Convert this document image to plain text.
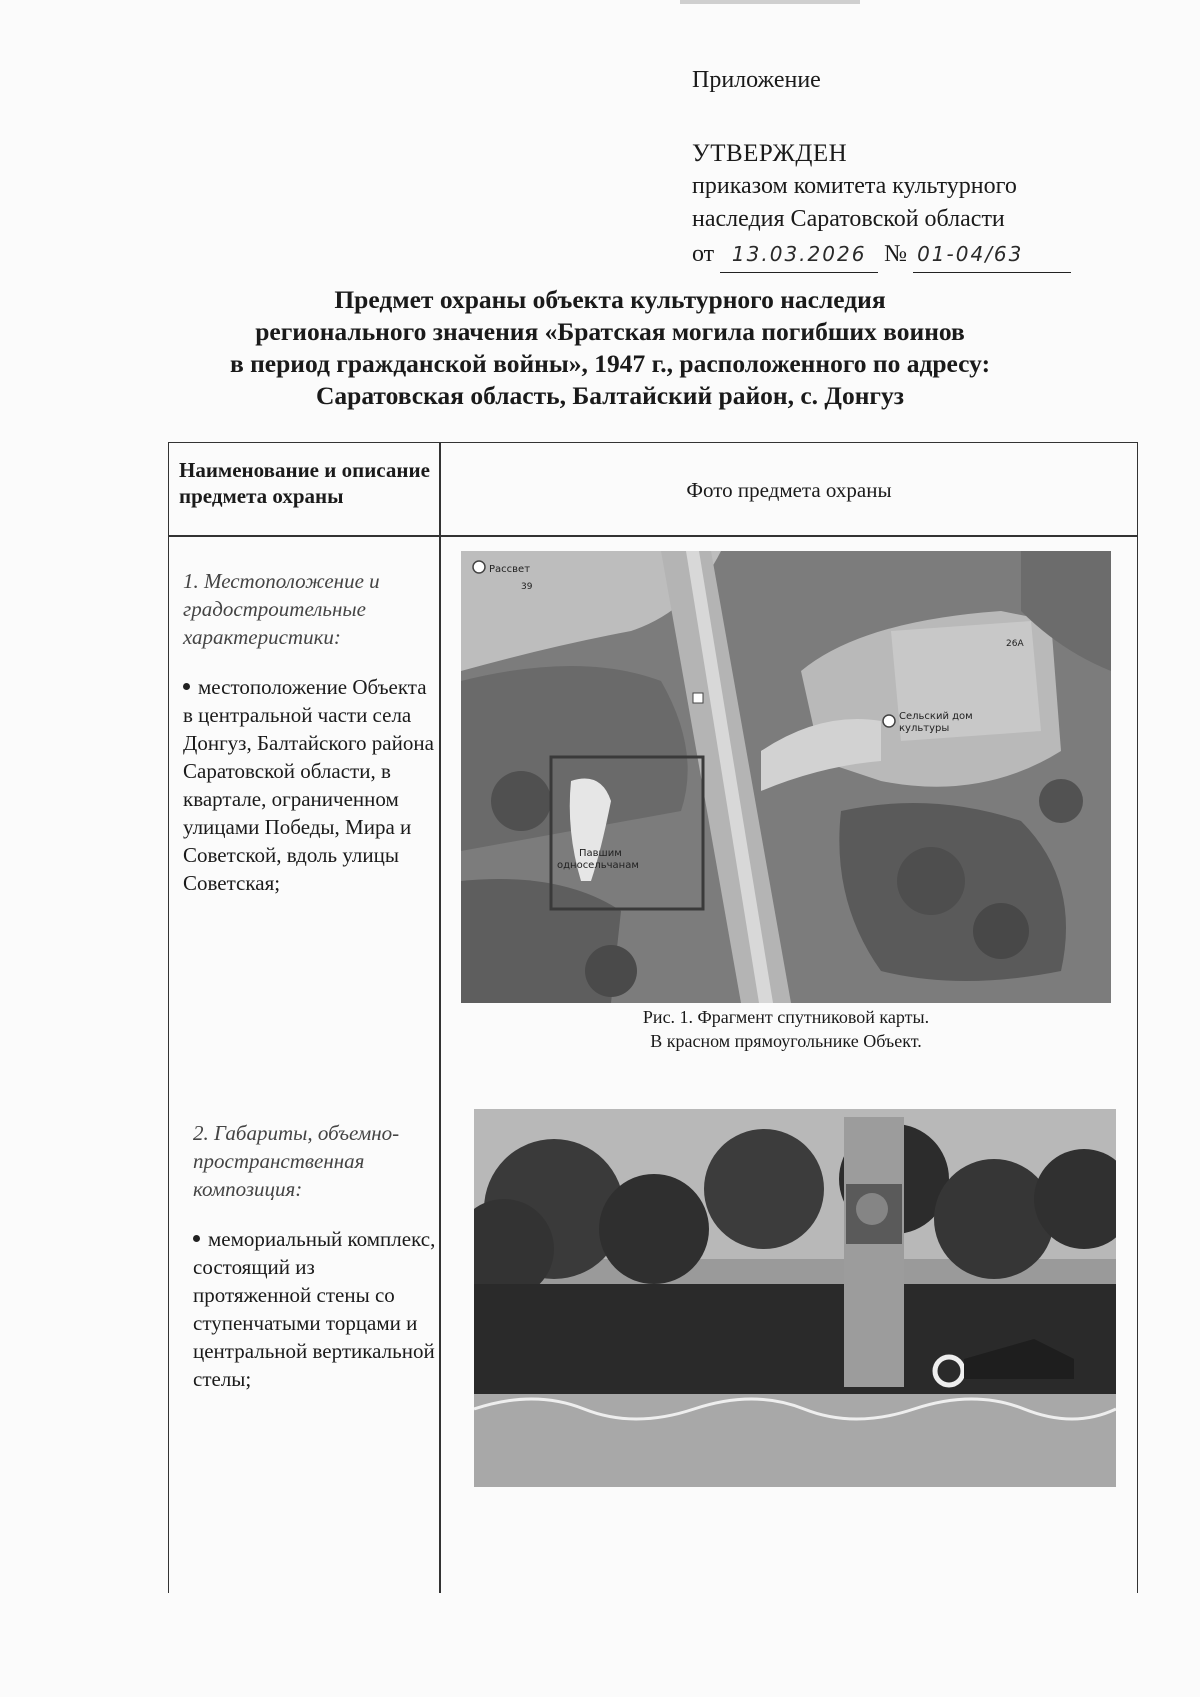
Приложение
УТВЕРЖДЕН
приказом комитета культурного
наследия Саратовской области
от 13.03.2026 № 01-04/63
Предмет охраны объекта культурного наследия
регионального значения «Братская могила погибших воинов
в период гражданской войны», 1947 г., расположенного по адресу:
Саратовская область, Балтайский район, с. Донгуз
Наименование и описание предмета охраны	Фото предмета охраны
1. Местоположение и градостроительные характеристики:
местоположение Объекта в центральной части села Донгуз, Балтайского района Саратовской области, в квартале, ограниченном улицами Победы, Мира и Советской, вдоль улицы Советская;
Рассвет
39
26А
Сельский дом
культуры
Павшим
односельчанам
Рис. 1. Фрагмент спутниковой карты.
В красном прямоугольнике Объект.
2. Габариты, объемно-пространственная композиция:
мемориальный комплекс, состоящий из протяженной стены со ступенчатыми торцами и центральной вертикальной стелы;
